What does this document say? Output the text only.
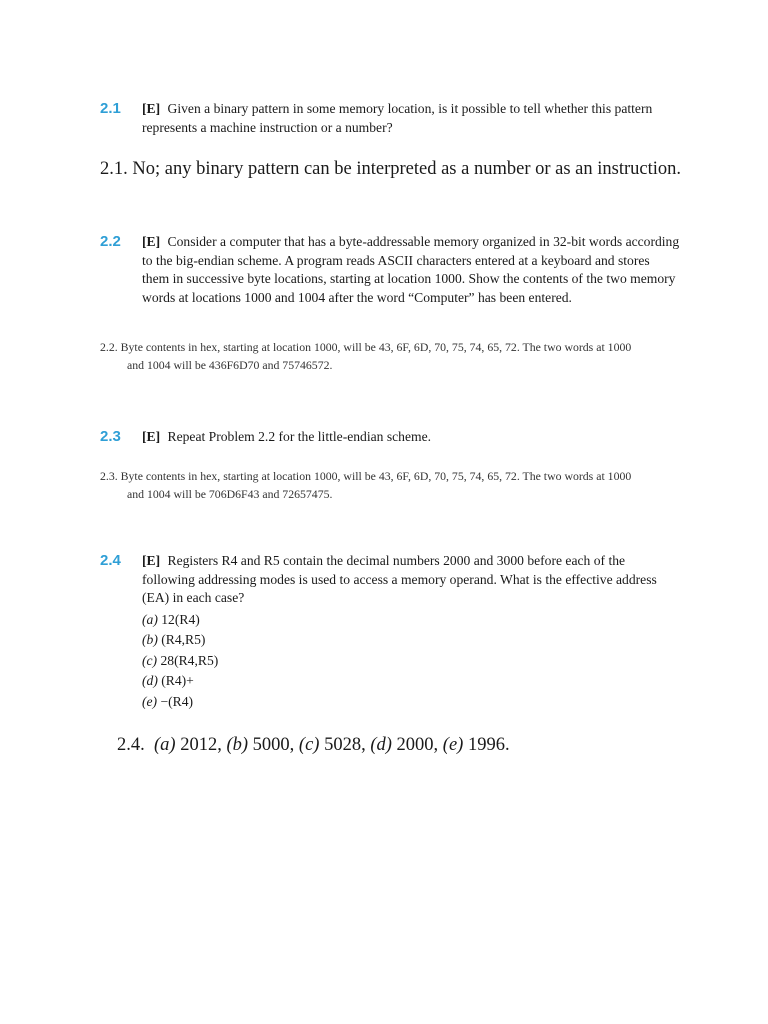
2.1 [E] Given a binary pattern in some memory location, is it possible to tell whether this pattern represents a machine instruction or a number?
2.1. No; any binary pattern can be interpreted as a number or as an instruction.
2.2 [E] Consider a computer that has a byte-addressable memory organized in 32-bit words according to the big-endian scheme. A program reads ASCII characters entered at a keyboard and stores them in successive byte locations, starting at location 1000. Show the contents of the two memory words at locations 1000 and 1004 after the word “Computer” has been entered.
2.2. Byte contents in hex, starting at location 1000, will be 43, 6F, 6D, 70, 75, 74, 65, 72. The two words at 1000
and 1004 will be 436F6D70 and 75746572.
2.3 [E] Repeat Problem 2.2 for the little-endian scheme.
2.3. Byte contents in hex, starting at location 1000, will be 43, 6F, 6D, 70, 75, 74, 65, 72. The two words at 1000
and 1004 will be 706D6F43 and 72657475.
2.4 [E] Registers R4 and R5 contain the decimal numbers 2000 and 3000 before each of the following addressing modes is used to access a memory operand. What is the effective address (EA) in each case?
(a) 12(R4)
(b) (R4,R5)
(c) 28(R4,R5)
(d) (R4)+
(e) −(R4)
2.4.  (a) 2012, (b) 5000, (c) 5028, (d) 2000, (e) 1996.
